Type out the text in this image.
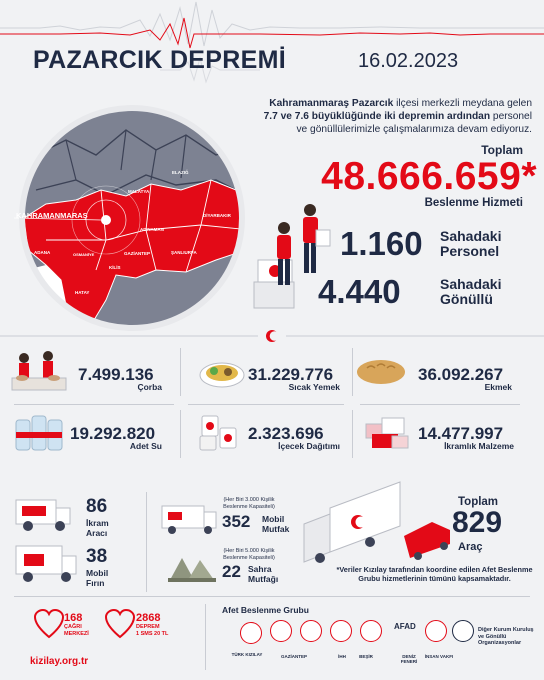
PAZARCIK DEPREMİ	16.02.2023
KAHRAMANMARAŞ
MALATYA
ELAZIĞ
DİYARBAKIR
ADIYAMAN
ADANA	OSMANİYE	GAZİANTEP	ŞANLIURFA
KİLİS
HATAY
Kahramanmaraş Pazarcık ilçesi merkezli meydana gelen
7.7 ve 7.6 büyüklüğünde iki depremin ardından personel
ve gönüllülerimizle çalışmalarımıza devam ediyoruz.
Toplam
48.666.659*
Beslenme Hizmeti
1.160 Sahadaki
Personel
4.440	Sahadaki
Gönüllü
7.499.136
Çorba
31.229.776
Sıcak Yemek
36.092.267
Ekmek
19.292.820
Adet Su
2.323.696
İçecek Dağıtımı
14.477.997
İkramlık Malzeme
86
İkram
Aracı
38
Mobil
Fırın
(Her Biri 3.000 Kişilik Beslenme Kapasiteli)
352 Mobil
Mutfak
(Her Biri 5.000 Kişilik Beslenme Kapasiteli)
22 Sahra
Mutfağı
Toplam
829
Araç
*Veriler Kızılay tarafından koordine edilen Afet Beslenme Grubu hizmetlerinin tümünü kapsamaktadır.
168
ÇAĞRI
MERKEZİ
2868
DEPREM
1 SMS 20 TL
kizilay.org.tr
Afet Beslenme Grubu
AFAD
TÜRK KIZILAY	GAZİANTEP	İHH	BEŞİR	DENİZ FENERİ
İNSAN VAKFI
Diğer Kurum Kuruluş ve Gönüllü Organizasyonlar
